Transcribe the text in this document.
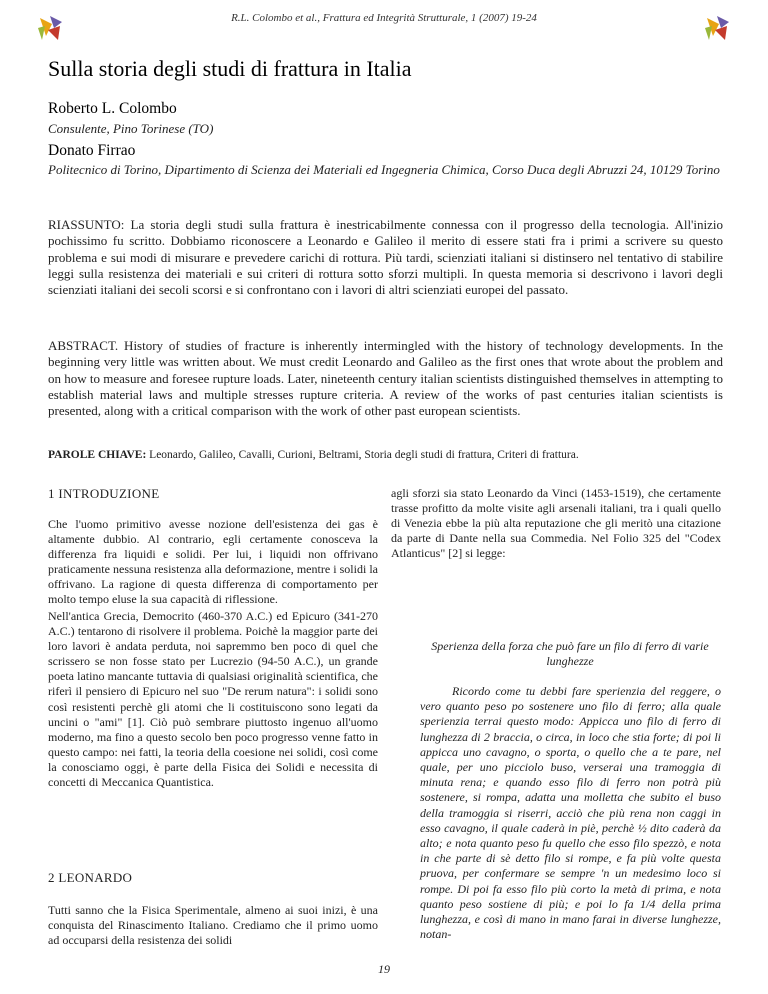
R.L. Colombo et al., Frattura ed Integrità Strutturale, 1 (2007) 19-24
Sulla storia degli studi di frattura in Italia
Roberto L. Colombo
Consulente, Pino Torinese (TO)
Donato Firrao
Politecnico di Torino, Dipartimento di Scienza dei Materiali ed Ingegneria Chimica, Corso Duca degli Abruzzi 24, 10129 Torino
RIASSUNTO: La storia degli studi sulla frattura è inestricabilmente connessa con il progresso della tecnologia. All'inizio pochissimo fu scritto. Dobbiamo riconoscere a Leonardo e Galileo il merito di essere stati fra i primi a scrivere su questo problema e sui modi di misurare e prevedere carichi di rottura. Più tardi, scienziati italiani si distinsero nel tentativo di stabilire leggi sulla resistenza dei materiali e sui criteri di rottura sotto sforzi multipli. In questa memoria si descrivono i lavori degli scienziati italiani dei secoli scorsi e si confrontano con i lavori di altri scienziati europei del passato.
ABSTRACT. History of studies of fracture is inherently intermingled with the history of technology developments. In the beginning very little was written about. We must credit Leonardo and Galileo as the first ones that wrote about the problem and on how to measure and foresee rupture loads. Later, nineteenth century italian scientists distinguished themselves in attempting to establish material laws and multiple stresses rupture criteria. A review of the works of past centuries italian scientists is presented, along with a critical comparison with the work of other past european scientists.
PAROLE CHIAVE: Leonardo, Galileo, Cavalli, Curioni, Beltrami, Storia degli studi di frattura, Criteri di frattura.
1 INTRODUZIONE
Che l'uomo primitivo avesse nozione dell'esistenza dei gas è altamente dubbio. Al contrario, egli certamente conosceva la differenza fra liquidi e solidi. Per lui, i liquidi non offrivano praticamente nessuna resistenza alla deformazione, mentre i solidi la offrivano. La ragione di questa differenza di comportamento per molto tempo eluse la sua capacità di riflessione.
Nell'antica Grecia, Democrito (460-370 A.C.) ed Epicuro (341-270 A.C.) tentarono di risolvere il problema. Poichè la maggior parte dei loro lavori è andata perduta, noi sapremmo ben poco di quel che scrissero se non fosse stato per Lucrezio (94-50 A.C.), un grande poeta latino mancante tuttavia di qualsiasi originalità scientifica, che riferì il pensiero di Epicuro nel suo "De rerum natura": i solidi sono così resistenti perchè gli atomi che li costituiscono sono legati da uncini o "ami" [1]. Ciò può sembrare piuttosto ingenuo all'uomo moderno, ma fino a questo secolo ben poco progresso venne fatto in questo campo: nei fatti, la teoria della coesione nei solidi, così come la conosciamo oggi, è parte della Fisica dei Solidi e necessita di concetti di Meccanica Quantistica.
2 LEONARDO
Tutti sanno che la Fisica Sperimentale, almeno ai suoi inizi, è una conquista del Rinascimento Italiano. Crediamo che il primo uomo ad occuparsi della resistenza dei solidi
agli sforzi sia stato Leonardo da Vinci (1453-1519), che certamente trasse profitto da molte visite agli arsenali italiani, tra i quali quello di Venezia ebbe la più alta reputazione che gli meritò una citazione da parte di Dante nella sua Commedia. Nel Folio 325 del "Codex Atlanticus" [2] si legge:
Sperienza della forza che può fare un filo di ferro di varie lunghezze
Ricordo come tu debbi fare sperienzia del reggere, o vero quanto peso po sostenere uno filo di ferro; alla quale sperienzia terrai questo modo: Appicca uno filo di ferro di lunghezza di 2 braccia, o circa, in loco che stia forte; di poi li appicca uno cavagno, o sporta, o quello che a te pare, nel quale, per uno picciolo buso, verserai una tramoggia di minuta rena; e quando esso filo di ferro non potrà più sostenere, si rompa, adatta una molletta che subito el buso della tramoggia si riserri, acciò che più rena non caggi in esso cavagno, il quale caderà in piè, perchè ½ dito caderà da alto; e nota quanto peso fu quello che esso filo spezzò, e nota in che parte di sè detto filo si rompe, e fa più volte questa pruova, per confermare se sempre 'n un medesimo loco si rompe. Di poi fa esso filo più corto la metà di prima, e nota quanto peso sostiene di più; e poi lo fa 1/4 della prima lunghezza, e così di mano in mano farai in diverse lunghezze, notan-
19
